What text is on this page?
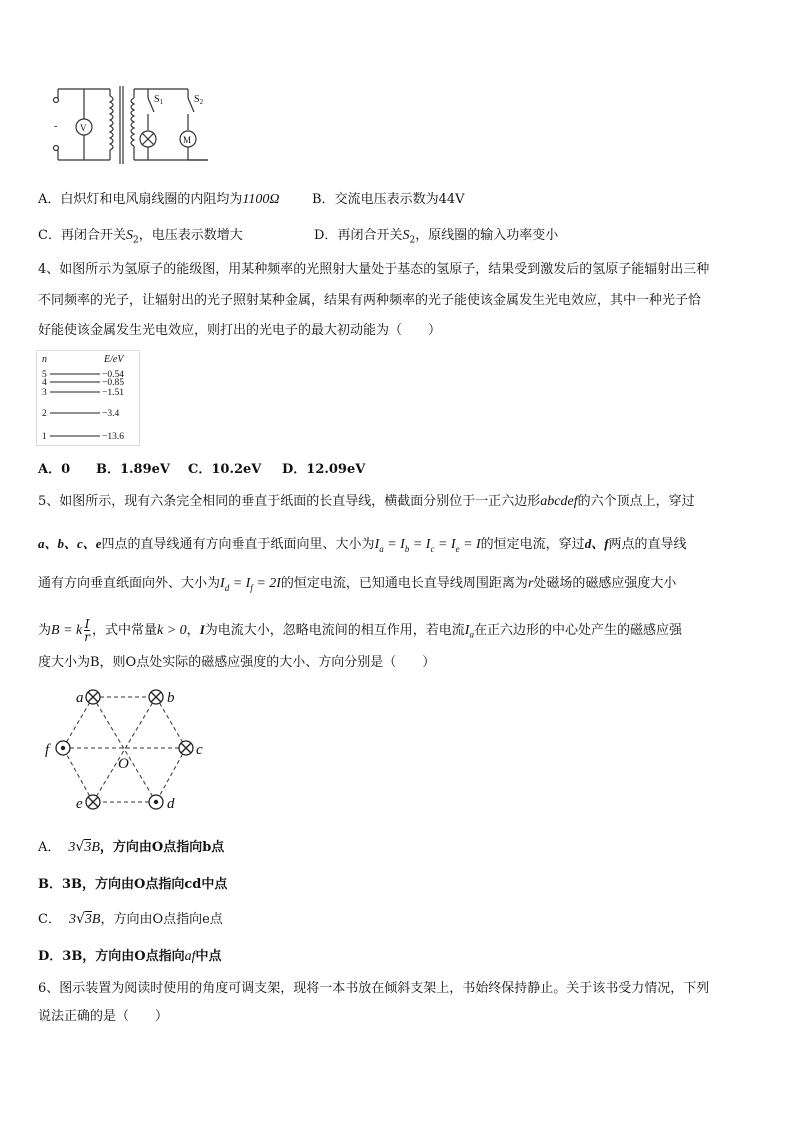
V
-
M
$S_1$	$S_2$
A．白炽灯和电风扇线圈的内阻均为1100Ω	B．交流电压表示数为44V
C．再闭合开关$S_2$，电压表示数增大	D．再闭合开关$S_2$，原线圈的输入功率变小
4、如图所示为氢原子的能级图，用某种频率的光照射大量处于基态的氢原子，结果受到激发后的氢原子能辐射出三种
不同频率的光子，让辐射出的光子照射某种金属，结果有两种频率的光子能使该金属发生光电效应，其中一种光子恰
好能使该金属发生光电效应，则打出的光电子的最大初动能为（　　）
n	E/eV
5	−0.54
4	−0.85
3	−1.51
2	−3.4
1	−13.6
A．0 B．1.89eV C．10.2eV D．12.09eV
5、如图所示，现有六条完全相同的垂直于纸面的长直导线，横截面分别位于一正六边形abcdef的六个顶点上，穿过
a、b、c、e四点的直导线通有方向垂直于纸面向里、大小为$I_a = I_b = I_c = I_e = I$的恒定电流，穿过d、f两点的直导线
通有方向垂直纸面向外、大小为$I_d = I_f = 2I$的恒定电流，已知通电长直导线周围距离为r处磁场的磁感应强度大小
为B = k $\frac{I}{r}$ ，式中常量k > 0，I为电流大小，忽略电流间的相互作用，若电流$I_a$在正六边形的中心处产生的磁感应强
度大小为B，则O点处实际的磁感应强度的大小、方向分别是（　　）
a	b
c
d
e
f
O
A． 3√3B，方向由O点指向b点
B．3B，方向由O点指向cd中点
C． 3√3B，方向由O点指向e点
D．3B，方向由O点指向af中点
6、图示装置为阅读时使用的角度可调支架，现将一本书放在倾斜支架上，书始终保持静止。关于该书受力情况，下列
说法正确的是（　　）
